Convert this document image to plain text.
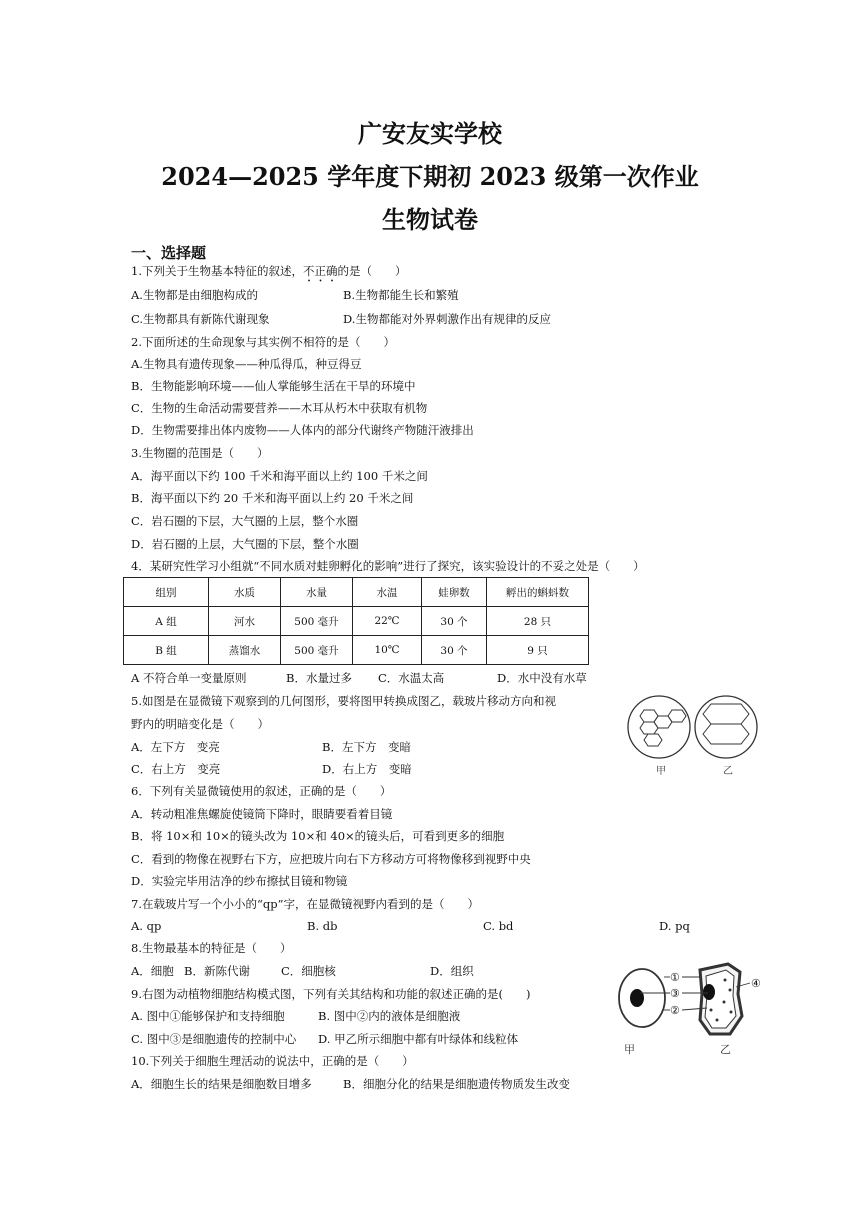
广安友实学校
2024—2025 学年度下期初 2023 级第一次作业
生物试卷
一、选择题
1.下列关于生物基本特征的叙述，不正确的是（　　）
A.生物都是由细胞构成的	B.生物都能生长和繁殖
C.生物都具有新陈代谢现象	D.生物都能对外界刺激作出有规律的反应
2.下面所述的生命现象与其实例不相符的是（　　）
A.生物具有遗传现象——种瓜得瓜，种豆得豆
B．生物能影响环境——仙人掌能够生活在干旱的环境中
C．生物的生命活动需要营养——木耳从朽木中获取有机物
D．生物需要排出体内废物——人体内的部分代谢终产物随汗液排出
3.生物圈的范围是（　　）
A．海平面以下约 100 千米和海平面以上约 100 千米之间
B．海平面以下约 20 千米和海平面以上约 20 千米之间
C．岩石圈的下层，大气圈的上层，整个水圈
D．岩石圈的上层，大气圈的下层，整个水圈
4．某研究性学习小组就“不同水质对蛙卵孵化的影响”进行了探究，该实验设计的不妥之处是（　　）
组别	水质	水量	水温	蛙卵数	孵出的蝌蚪数
A 组	河水	500 毫升	22℃	30 个	28 只
B 组	蒸馏水	500 毫升	10℃	30 个	9 只
A 不符合单一变量原则	B．水量过多 C．水温太高	D．水中没有水草
5.如图是在显微镜下观察到的几何图形，要将图甲转换成图乙，载玻片移动方向和视
野内的明暗变化是（　　）
A．左下方　变亮	B．左下方　变暗
C．右上方　变亮	D．右上方　变暗	甲	乙
6．下列有关显微镜使用的叙述，正确的是（　　）
A．转动粗准焦螺旋使镜筒下降时，眼睛要看着目镜
B．将 10×和 10×的镜头改为 10×和 40×的镜头后，可看到更多的细胞
C．看到的物像在视野右下方，应把玻片向右下方移动方可将物像移到视野中央
D．实验完毕用洁净的纱布擦拭目镜和物镜
7.在载玻片写一个小小的“qp”字，在显微镜视野内看到的是（　　）
A. qp	B. db	C. bd	D. pq
8.生物最基本的特征是（　　）
A．细胞 B．新陈代谢	C．细胞核	D．组织
9.右图为动植物细胞结构模式图，下列有关其结构和功能的叙述正确的是(　　)
A. 图中①能够保护和支持细胞	B. 图中②内的液体是细胞液
C. 图中③是细胞遗传的控制中心 D. 甲乙所示细胞中都有叶绿体和线粒体
①
③
②
④
甲	乙
10.下列关于细胞生理活动的说法中，正确的是（　　）
A．细胞生长的结果是细胞数目增多	B．细胞分化的结果是细胞遗传物质发生改变
